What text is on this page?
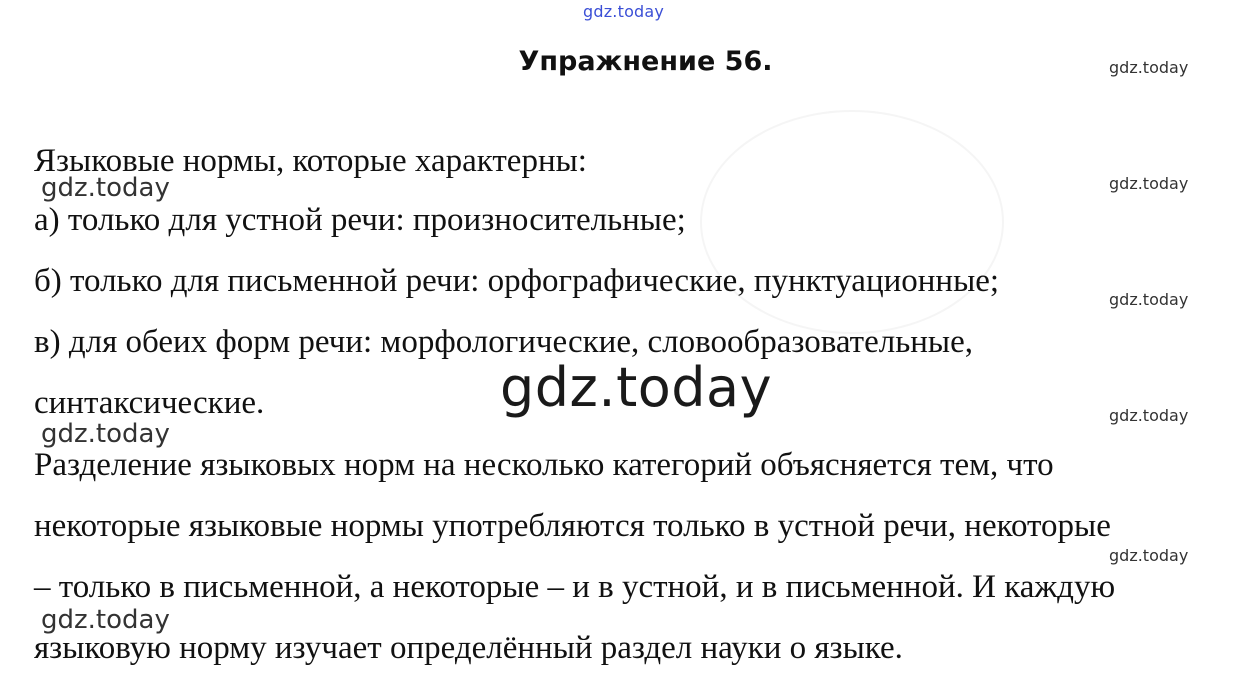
gdz.today
Упражнение 56.	gdz.today
gdz.today
gdz.today
gdz.today
gdz.today
Языковые нормы, которые характерны:
gdz.today
а) только для устной речи: произносительные;
б) только для письменной речи: орфографические, пунктуационные;
в) для обеих форм речи: морфологические, словообразовательные,
синтаксические.	gdz.today
gdz.today
Разделение языковых норм на несколько категорий объясняется тем, что
некоторые языковые нормы употребляются только в устной речи, некоторые
– только в письменной, а некоторые – и в устной, и в письменной. И каждую
gdz.today
языковую норму изучает определённый раздел науки о языке.
